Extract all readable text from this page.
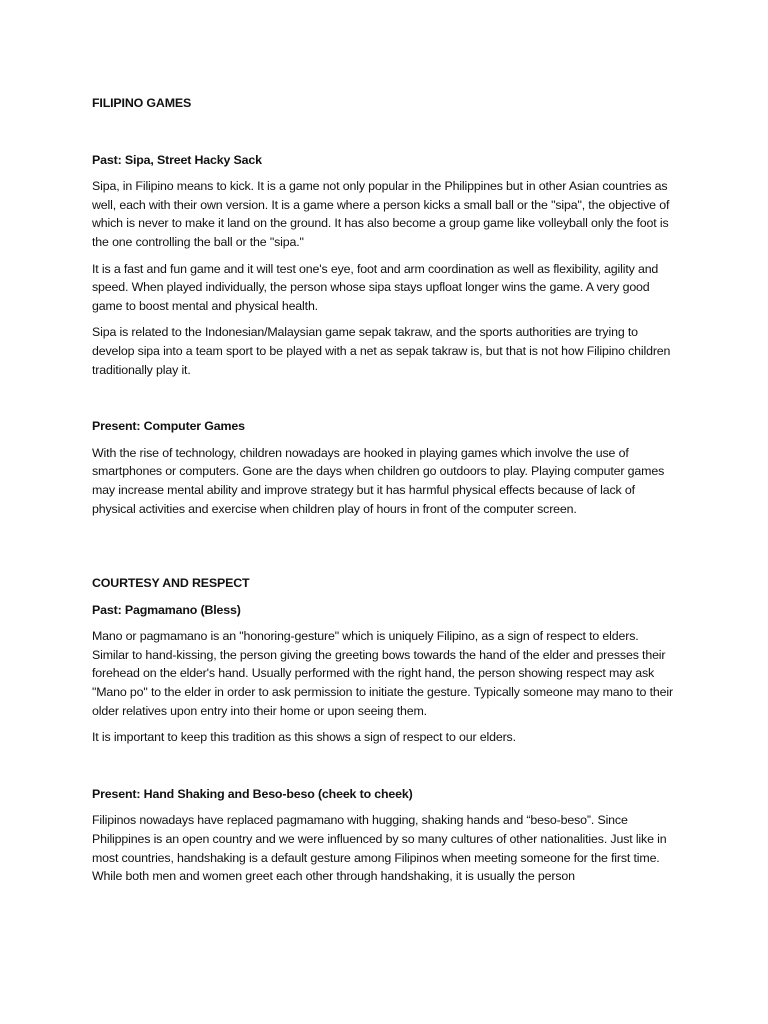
FILIPINO GAMES
Past: Sipa, Street Hacky Sack

Sipa, in Filipino means to kick. It is a game not only popular in the Philippines but in other Asian countries as well, each with their own version. It is a game where a person kicks a small ball or the "sipa", the objective of which is never to make it land on the ground. It has also become a group game like volleyball only the foot is the one controlling the ball or the "sipa."

It is a fast and fun game and it will test one's eye, foot and arm coordination as well as flexibility, agility and speed. When played individually, the person whose sipa stays upfloat longer wins the game. A very good game to boost mental and physical health.

Sipa is related to the Indonesian/Malaysian game sepak takraw, and the sports authorities are trying to develop sipa into a team sport to be played with a net as sepak takraw is, but that is not how Filipino children traditionally play it.

Present: Computer Games

With the rise of technology, children nowadays are hooked in playing games which involve the use of smartphones or computers. Gone are the days when children go outdoors to play. Playing computer games may increase mental ability and improve strategy but it has harmful physical effects because of lack of physical activities and exercise when children play of hours in front of the computer screen.

COURTESY AND RESPECT
Past: Pagmamano (Bless)

Mano or pagmamano is an "honoring-gesture" which is uniquely Filipino, as a sign of respect to elders. Similar to hand-kissing, the person giving the greeting bows towards the hand of the elder and presses their forehead on the elder's hand. Usually performed with the right hand, the person showing respect may ask "Mano po" to the elder in order to ask permission to initiate the gesture. Typically someone may mano to their older relatives upon entry into their home or upon seeing them.

It is important to keep this tradition as this shows a sign of respect to our elders.

Present: Hand Shaking and Beso-beso (cheek to cheek)

Filipinos nowadays have replaced pagmamano with hugging, shaking hands and “beso-beso”. Since Philippines is an open country and we were influenced by so many cultures of other nationalities. Just like in most countries, handshaking is a default gesture among Filipinos when meeting someone for the first time. While both men and women greet each other through handshaking, it is usually the person
